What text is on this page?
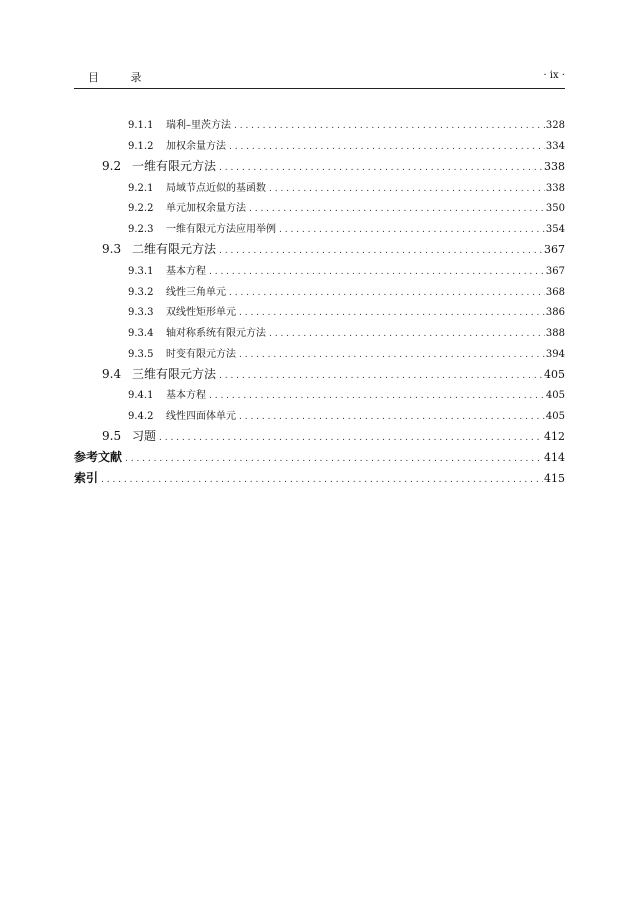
目 录	· ix ·
9.1.1	瑞利–里茨方法 . . .	328
9.1.2	加权余量方法 . . .	334
9.2 一维有限元方法 . . .	338
9.2.1	局域节点近似的基函数 . . .	338
9.2.2	单元加权余量方法 . . .	350
9.2.3	一维有限元方法应用举例 . . .	354
9.3 二维有限元方法 . . .	367
9.3.1	基本方程 . . .	367
9.3.2	线性三角单元 . . .	368
9.3.3	双线性矩形单元 . . .	386
9.3.4	轴对称系统有限元方法 . . .	388
9.3.5	时变有限元方法 . . .	394
9.4 三维有限元方法 . . .	405
9.4.1	基本方程 . . .	405
9.4.2	线性四面体单元 . . .	405
9.5 习题 . . .	412
参考文献 . . .	414
索引 . . .	415
